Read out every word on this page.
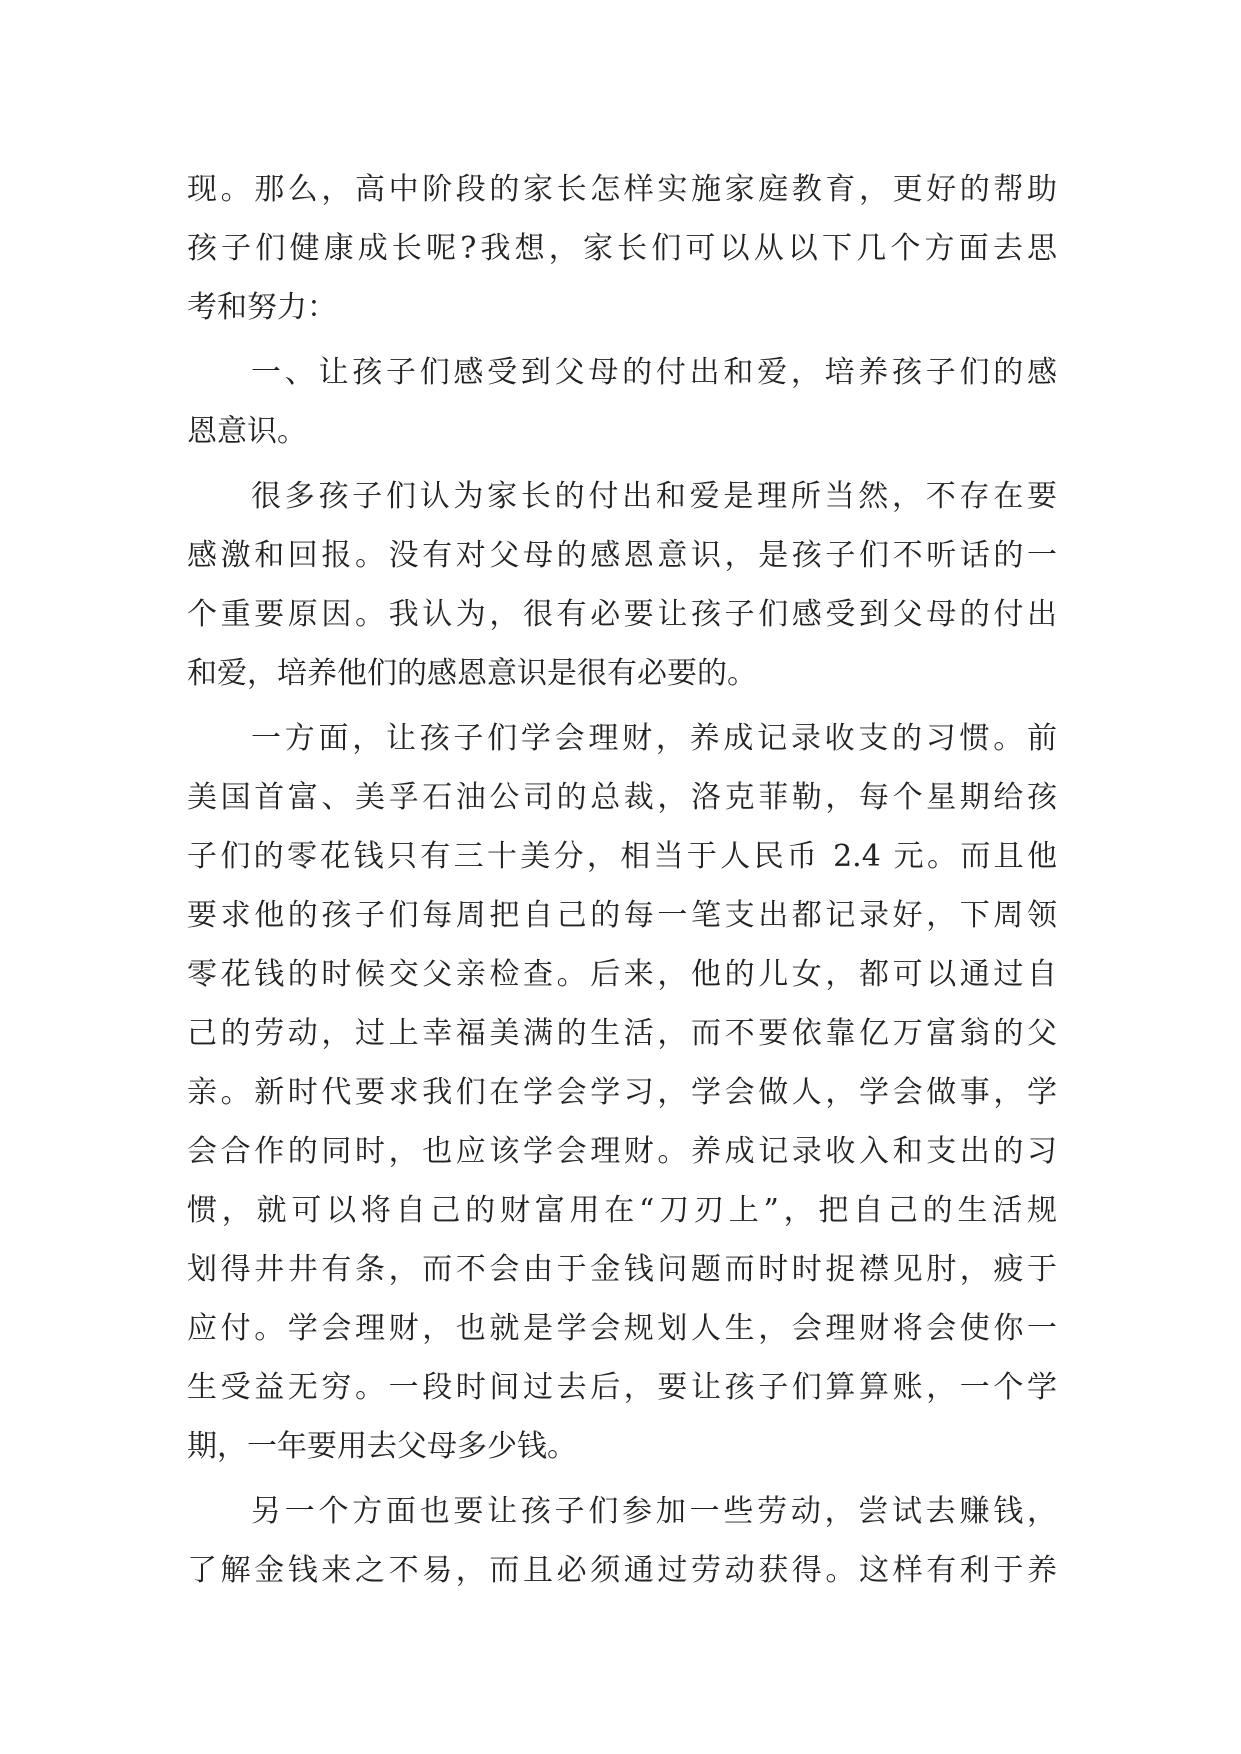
现。那么，高中阶段的家长怎样实施家庭教育，更好的帮助
孩子们健康成长呢?我想，家长们可以从以下几个方面去思
考和努力：
一、让孩子们感受到父母的付出和爱，培养孩子们的感
恩意识。
很多孩子们认为家长的付出和爱是理所当然，不存在要
感激和回报。没有对父母的感恩意识，是孩子们不听话的一
个重要原因。我认为，很有必要让孩子们感受到父母的付出
和爱，培养他们的感恩意识是很有必要的。
一方面，让孩子们学会理财，养成记录收支的习惯。前
美国首富、美孚石油公司的总裁，洛克菲勒，每个星期给孩
子们的零花钱只有三十美分，相当于人民币 2.4 元。而且他
要求他的孩子们每周把自己的每一笔支出都记录好，下周领
零花钱的时候交父亲检查。后来，他的儿女，都可以通过自
己的劳动，过上幸福美满的生活，而不要依靠亿万富翁的父
亲。新时代要求我们在学会学习，学会做人，学会做事，学
会合作的同时，也应该学会理财。养成记录收入和支出的习
惯，就可以将自己的财富用在“刀刃上”，把自己的生活规
划得井井有条，而不会由于金钱问题而时时捉襟见肘，疲于
应付。学会理财，也就是学会规划人生，会理财将会使你一
生受益无穷。一段时间过去后，要让孩子们算算账，一个学
期，一年要用去父母多少钱。
另一个方面也要让孩子们参加一些劳动，尝试去赚钱，
了解金钱来之不易，而且必须通过劳动获得。这样有利于养
